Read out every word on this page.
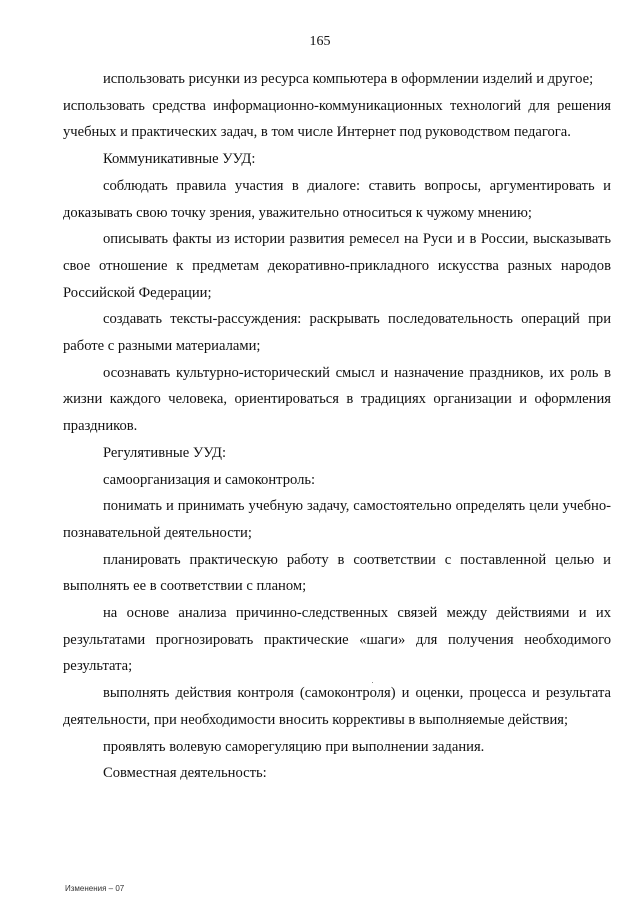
165

использовать рисунки из ресурса компьютера в оформлении изделий и другое;

использовать средства информационно-коммуникационных технологий для решения учебных и практических задач, в том числе Интернет под руководством педагога.

Коммуникативные УУД:

соблюдать правила участия в диалоге: ставить вопросы, аргументировать и доказывать свою точку зрения, уважительно относиться к чужому мнению;

описывать факты из истории развития ремесел на Руси и в России, высказывать свое отношение к предметам декоративно-прикладного искусства разных народов Российской Федерации;

создавать тексты-рассуждения: раскрывать последовательность операций при работе с разными материалами;

осознавать культурно-исторический смысл и назначение праздников, их роль в жизни каждого человека, ориентироваться в традициях организации и оформления праздников.

Регулятивные УУД:

самоорганизация и самоконтроль:

понимать и принимать учебную задачу, самостоятельно определять цели учебно-познавательной деятельности;

планировать практическую работу в соответствии с поставленной целью и выполнять ее в соответствии с планом;

на основе анализа причинно-следственных связей между действиями и их результатами прогнозировать практические «шаги» для получения необходимого результата;

выполнять действия контроля (самоконтроля) и оценки, процесса и результата деятельности, при необходимости вносить коррективы в выполняемые действия;

проявлять волевую саморегуляцию при выполнении задания.

Совместная деятельность:

Изменения – 07
